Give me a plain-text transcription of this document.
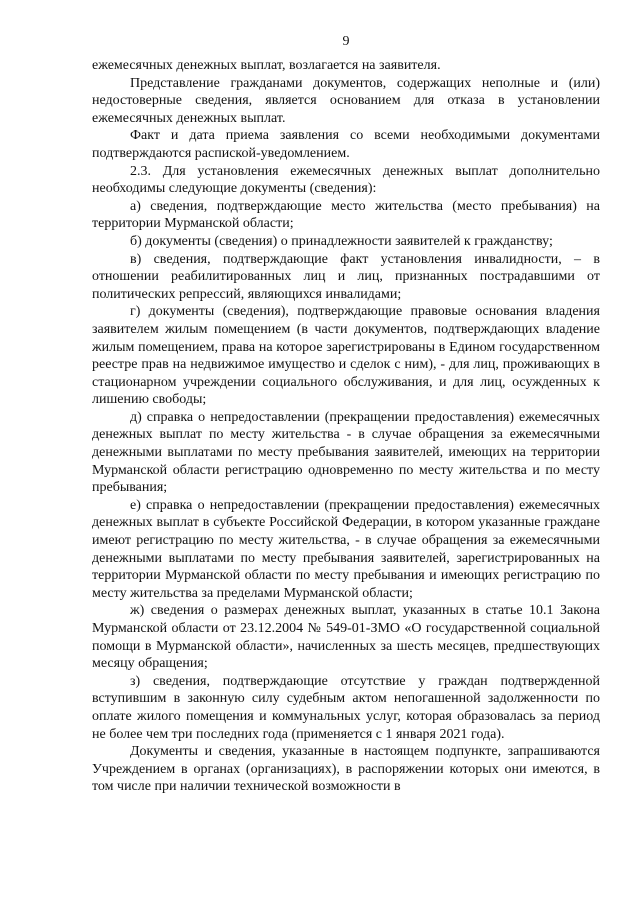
9

ежемесячных денежных выплат, возлагается на заявителя.

Представление гражданами документов, содержащих неполные и (или) недостоверные сведения, является основанием для отказа в установлении ежемесячных денежных выплат.

Факт и дата приема заявления со всеми необходимыми документами подтверждаются распиской-уведомлением.

2.3. Для установления ежемесячных денежных выплат дополнительно необходимы следующие документы (сведения):

а) сведения, подтверждающие место жительства (место пребывания) на территории Мурманской области;

б) документы (сведения) о принадлежности заявителей к гражданству;

в) сведения, подтверждающие факт установления инвалидности, – в отношении реабилитированных лиц и лиц, признанных пострадавшими от политических репрессий, являющихся инвалидами;

г) документы (сведения), подтверждающие правовые основания владения заявителем жилым помещением (в части документов, подтверждающих владение жилым помещением, права на которое зарегистрированы в Едином государственном реестре прав на недвижимое имущество и сделок с ним), - для лиц, проживающих в стационарном учреждении социального обслуживания, и для лиц, осужденных к лишению свободы;

д) справка о непредоставлении (прекращении предоставления) ежемесячных денежных выплат по месту жительства - в случае обращения за ежемесячными денежными выплатами по месту пребывания заявителей, имеющих на территории Мурманской области регистрацию одновременно по месту жительства и по месту пребывания;

е) справка о непредоставлении (прекращении предоставления) ежемесячных денежных выплат в субъекте Российской Федерации, в котором указанные граждане имеют регистрацию по месту жительства, - в случае обращения за ежемесячными денежными выплатами по месту пребывания заявителей, зарегистрированных на территории Мурманской области по месту пребывания и имеющих регистрацию по месту жительства за пределами Мурманской области;

ж) сведения о размерах денежных выплат, указанных в статье 10.1 Закона Мурманской области от 23.12.2004 № 549-01-ЗМО «О государственной социальной помощи в Мурманской области», начисленных за шесть месяцев, предшествующих месяцу обращения;

з) сведения, подтверждающие отсутствие у граждан подтвержденной вступившим в законную силу судебным актом непогашенной задолженности по оплате жилого помещения и коммунальных услуг, которая образовалась за период не более чем три последних года (применяется с 1 января 2021 года).

Документы и сведения, указанные в настоящем подпункте, запрашиваются Учреждением в органах (организациях), в распоряжении которых они имеются, в том числе при наличии технической возможности в
